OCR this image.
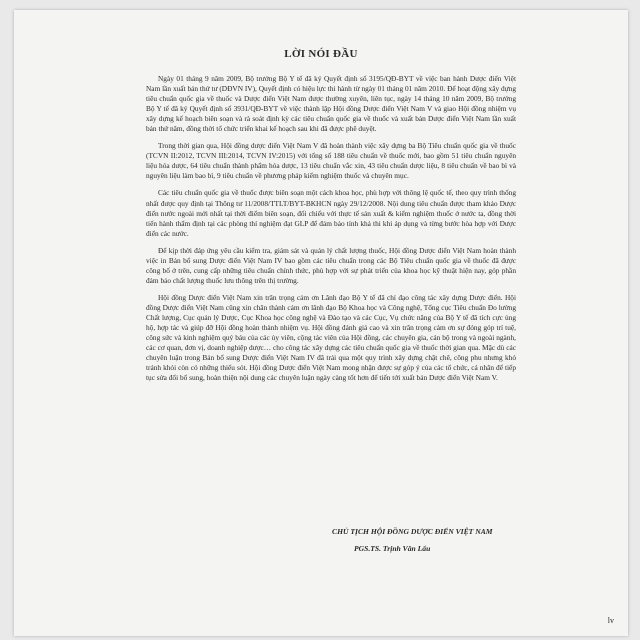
LỜI NÓI ĐẦU

Ngày 01 tháng 9 năm 2009, Bộ trưởng Bộ Y tế đã ký Quyết định số 3195/QĐ-BYT về việc ban hành Dược điển Việt Nam lần xuất bản thứ tư (DĐVN IV), Quyết định có hiệu lực thi hành từ ngày 01 tháng 01 năm 2010. Để hoạt động xây dựng tiêu chuẩn quốc gia về thuốc và Dược điển Việt Nam được thường xuyên, liên tục, ngày 14 tháng 10 năm 2009, Bộ trưởng Bộ Y tế đã ký Quyết định số 3931/QĐ-BYT về việc thành lập Hội đồng Dược điển Việt Nam V và giao Hội đồng nhiệm vụ xây dựng kế hoạch biên soạn và rà soát định kỳ các tiêu chuẩn quốc gia về thuốc và xuất bản Dược điển Việt Nam lần xuất bản thứ năm, đồng thời tổ chức triển khai kế hoạch sau khi đã được phê duyệt.

Trong thời gian qua, Hội đồng dược điển Việt Nam V đã hoàn thành việc xây dựng ba Bộ Tiêu chuẩn quốc gia về thuốc (TCVN II:2012, TCVN III:2014, TCVN IV:2015) với tổng số 188 tiêu chuẩn về thuốc mới, bao gồm 51 tiêu chuẩn nguyên liệu hóa dược, 64 tiêu chuẩn thành phẩm hóa dược, 13 tiêu chuẩn vắc xin, 43 tiêu chuẩn dược liệu, 8 tiêu chuẩn về bao bì và nguyên liệu làm bao bì, 9 tiêu chuẩn về phương pháp kiểm nghiệm thuốc và chuyên mục.

Các tiêu chuẩn quốc gia về thuốc được biên soạn một cách khoa học, phù hợp với thông lệ quốc tế, theo quy trình thống nhất được quy định tại Thông tư 11/2008/TTLT/BYT-BKHCN ngày 29/12/2008. Nội dung tiêu chuẩn được tham khảo Dược điển nước ngoài mới nhất tại thời điểm biên soạn, đối chiếu với thực tế sản xuất & kiểm nghiệm thuốc ở nước ta, đồng thời tiến hành thẩm định tại các phòng thí nghiệm đạt GLP để đảm bảo tính khả thi khi áp dụng và từng bước hòa hợp với Dược điển các nước.

Để kịp thời đáp ứng yêu cầu kiểm tra, giám sát và quản lý chất lượng thuốc, Hội đồng Dược điển Việt Nam hoàn thành việc in Bản bổ sung Dược điển Việt Nam IV bao gồm các tiêu chuẩn trong các Bộ Tiêu chuẩn quốc gia về thuốc đã được công bố ở trên, cung cấp những tiêu chuẩn chính thức, phù hợp với sự phát triển của khoa học kỹ thuật hiện nay, góp phần đảm bảo chất lượng thuốc lưu thông trên thị trường.

Hội đồng Dược điển Việt Nam xin trân trọng cảm ơn Lãnh đạo Bộ Y tế đã chỉ đạo công tác xây dựng Dược điển. Hội đồng Dược điển Việt Nam cũng xin chân thành cảm ơn lãnh đạo Bộ Khoa học và Công nghệ, Tổng cục Tiêu chuẩn Đo lường Chất lượng, Cục quản lý Dược, Cục Khoa học công nghệ và Đào tạo và các Cục, Vụ chức năng của Bộ Y tế đã tích cực ủng hộ, hợp tác và giúp đỡ Hội đồng hoàn thành nhiệm vụ. Hội đồng đánh giá cao và xin trân trọng cảm ơn sự đóng góp trí tuệ, công sức và kinh nghiệm quý báu của các ủy viên, cộng tác viên của Hội đồng, các chuyên gia, cán bộ trong và ngoài ngành, các cơ quan, đơn vị, doanh nghiệp dược… cho công tác xây dựng các tiêu chuẩn quốc gia về thuốc thời gian qua. Mặc dù các chuyên luận trong Bản bổ sung Dược điển Việt Nam IV đã trải qua một quy trình xây dựng chặt chẽ, công phu nhưng khó tránh khỏi còn có những thiếu sót. Hội đồng Dược điển Việt Nam mong nhận được sự góp ý của các tổ chức, cá nhân để tiếp tục sửa đổi bổ sung, hoàn thiện nội dung các chuyên luận ngày càng tốt hơn để tiến tới xuất bản Dược điển Việt Nam V.

CHỦ TỊCH HỘI ĐỒNG DƯỢC ĐIỂN VIỆT NAM
PGS.TS. Trịnh Văn Lẩu
lv
